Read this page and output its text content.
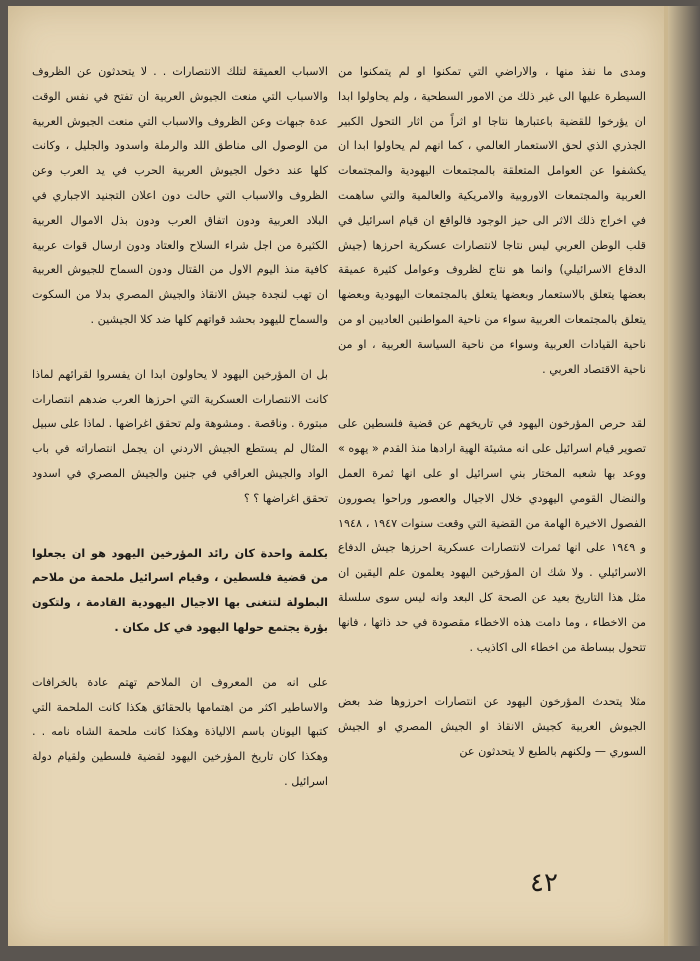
ومدى ما نفذ منها ، والاراضي التي تمكنوا او لم يتمكنوا من السيطرة عليها الى غير ذلك من الامور السطحية ، ولم يحاولوا ابدا ان يؤرخوا للقضية باعتبارها نتاجا او اثراً من اثار التحول الكبير الجذري الذي لحق الاستعمار العالمي ، كما انهم لم يحاولوا ابدا ان يكشفوا عن العوامل المتعلقة بالمجتمعات اليهودية والمجتمعات العربية والمجتمعات الاوروبية والامريكية والعالمية والتي ساهمت في اخراج ذلك الاثر الى حيز الوجود فالواقع ان قيام اسرائيل في قلب الوطن العربي ليس نتاجا لانتصارات عسكرية احرزها (جيش الدفاع الاسرائيلي) وانما هو نتاج لظروف وعوامل كثيرة عميقة بعضها يتعلق بالاستعمار وبعضها يتعلق بالمجتمعات اليهودية وبعضها يتعلق بالمجتمعات العربية سواء من ناحية المواطنين العاديين او من ناحية القيادات العربية وسواء من ناحية السياسة العربية ، او من ناحية الاقتصاد العربي .

لقد حرص المؤرخون اليهود في تاريخهم عن قضية فلسطين على تصوير قيام اسرائيل على انه مشيئة الهية ارادها منذ القدم « يهوه » ووعد بها شعبه المختار بني اسرائيل او على انها ثمرة العمل والنضال القومي اليهودي خلال الاجيال والعصور وراحوا يصورون الفصول الاخيرة الهامة من القضية التي وقعت سنوات ١٩٤٧ ، ١٩٤٨ و ١٩٤٩ على انها ثمرات لانتصارات عسكرية احرزها جيش الدفاع الاسرائيلي . ولا شك ان المؤرخين اليهود يعلمون علم اليقين ان مثل هذا التاريخ بعيد عن الصحة كل البعد وانه ليس سوى سلسلة من الاخطاء ، وما دامت هذه الاخطاء مقصودة في حد ذاتها ، فانها تتحول ببساطة من اخطاء الى اكاذيب .

مثلا يتحدث المؤرخون اليهود عن انتصارات احرزوها ضد بعض الجيوش العربية كجيش الانقاذ او الجيش المصري او الجيش السوري — ولكنهم بالطبع لا يتحدثون عن

الاسباب العميقة لتلك الانتصارات . . لا يتحدثون عن الظروف والاسباب التي منعت الجيوش العربية ان تفتح في نفس الوقت عدة جبهات وعن الظروف والاسباب التي منعت الجيوش العربية من الوصول الى مناطق اللد والرملة واسدود والجليل ، وكانت كلها عند دخول الجيوش العربية الحرب في يد العرب وعن الظروف والاسباب التي حالت دون اعلان التجنيد الاجباري في البلاد العربية ودون اتفاق العرب ودون بذل الاموال العربية الكثيرة من اجل شراء السلاح والعتاد ودون ارسال قوات عربية كافية منذ اليوم الاول من القتال ودون السماح للجيوش العربية ان تهب لنجدة جيش الانقاذ والجيش المصري بدلا من السكوت والسماح لليهود بحشد قواتهم كلها ضد كلا الجيشين .

بل ان المؤرخين اليهود لا يحاولون ابدا ان يفسروا لقرائهم لماذا كانت الانتصارات العسكرية التي احرزها العرب ضدهم انتصارات مبتورة . وناقصة . ومشوهة ولم تحقق اغراضها . لماذا على سبيل المثال لم يستطع الجيش الاردني ان يجمل انتصاراته في باب الواد والجيش العراقي في جنين والجيش المصري في اسدود تحقق اغراضها ؟ ؟

بكلمة واحدة كان رائد المؤرخين اليهود هو ان يجعلوا من قضية فلسطين ، وقيام اسرائيل ملحمة من ملاحم البطولة لتتغنى بها الاجيال اليهودية القادمة ، ولتكون بؤرة يجتمع حولها اليهود في كل مكان .

على انه من المعروف ان الملاحم تهتم عادة بالخرافات والاساطير اكثر من اهتمامها بالحقائق هكذا كانت الملحمة التي كتبها اليونان باسم الالياذة وهكذا كانت ملحمة الشاه نامه . . وهكذا كان تاريخ المؤرخين اليهود لقضية فلسطين ولقيام دولة اسرائيل .

٤٢
